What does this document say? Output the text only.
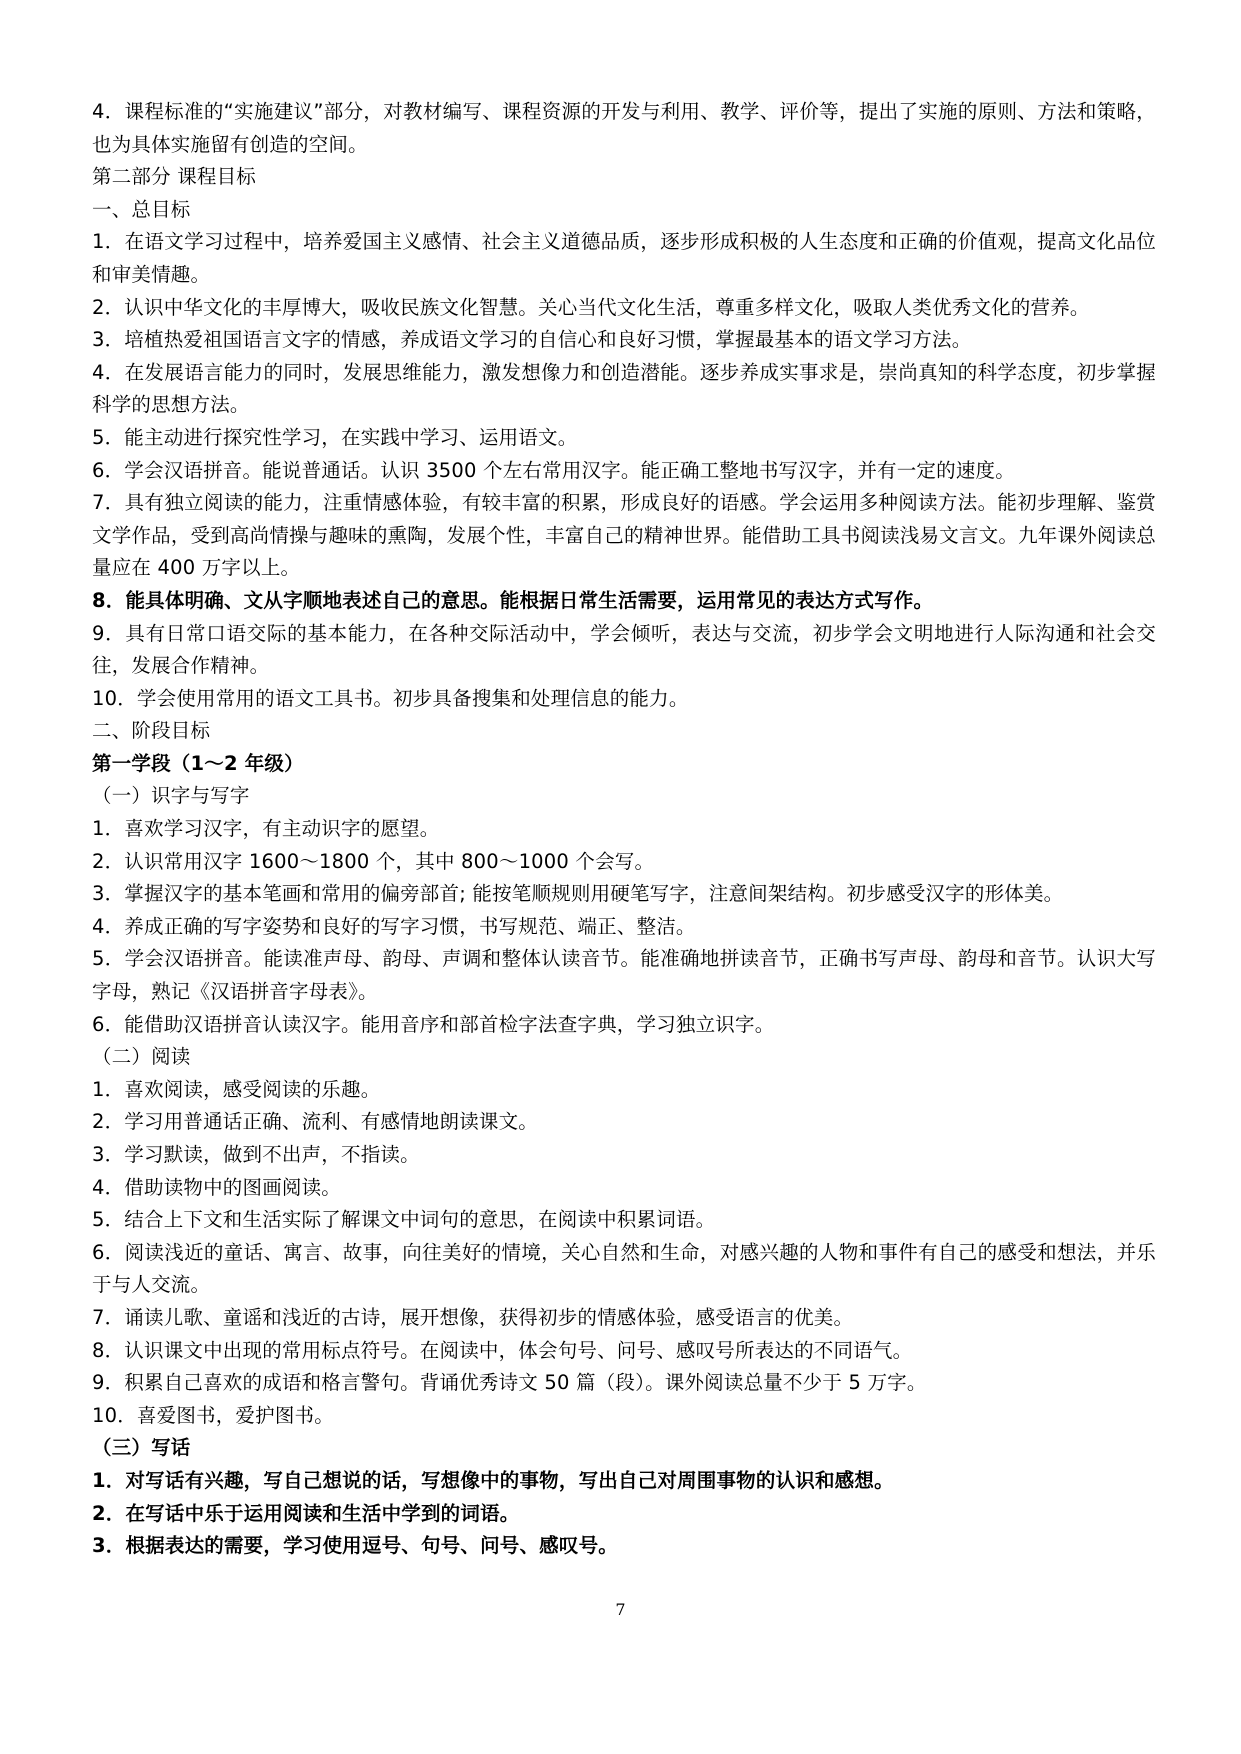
4．课程标准的“实施建议”部分，对教材编写、课程资源的开发与利用、教学、评价等，提出了实施的原则、方法和策略，也为具体实施留有创造的空间。
第二部分 课程目标
一、总目标
1．在语文学习过程中，培养爱国主义感情、社会主义道德品质，逐步形成积极的人生态度和正确的价值观，提高文化品位和审美情趣。
2．认识中华文化的丰厚博大，吸收民族文化智慧。关心当代文化生活，尊重多样文化，吸取人类优秀文化的营养。
3．培植热爱祖国语言文字的情感，养成语文学习的自信心和良好习惯，掌握最基本的语文学习方法。
4．在发展语言能力的同时，发展思维能力，激发想像力和创造潜能。逐步养成实事求是，崇尚真知的科学态度，初步掌握科学的思想方法。
5．能主动进行探究性学习，在实践中学习、运用语文。
6．学会汉语拼音。能说普通话。认识 3500 个左右常用汉字。能正确工整地书写汉字，并有一定的速度。
7．具有独立阅读的能力，注重情感体验，有较丰富的积累，形成良好的语感。学会运用多种阅读方法。能初步理解、鉴赏文学作品，受到高尚情操与趣味的熏陶，发展个性，丰富自己的精神世界。能借助工具书阅读浅易文言文。九年课外阅读总量应在 400 万字以上。
8．能具体明确、文从字顺地表述自己的意思。能根据日常生活需要，运用常见的表达方式写作。
9．具有日常口语交际的基本能力，在各种交际活动中，学会倾听，表达与交流，初步学会文明地进行人际沟通和社会交往，发展合作精神。
10．学会使用常用的语文工具书。初步具备搜集和处理信息的能力。
二、阶段目标
第一学段（1～2 年级）
（一）识字与写字
1．喜欢学习汉字，有主动识字的愿望。
2．认识常用汉字 1600～1800 个，其中 800～1000 个会写。
3．掌握汉字的基本笔画和常用的偏旁部首; 能按笔顺规则用硬笔写字，注意间架结构。初步感受汉字的形体美。
4．养成正确的写字姿势和良好的写字习惯，书写规范、端正、整洁。
5．学会汉语拼音。能读准声母、韵母、声调和整体认读音节。能准确地拼读音节，正确书写声母、韵母和音节。认识大写字母，熟记《汉语拼音字母表》。
6．能借助汉语拼音认读汉字。能用音序和部首检字法查字典，学习独立识字。
（二）阅读
1．喜欢阅读，感受阅读的乐趣。
2．学习用普通话正确、流利、有感情地朗读课文。
3．学习默读，做到不出声，不指读。
4．借助读物中的图画阅读。
5．结合上下文和生活实际了解课文中词句的意思，在阅读中积累词语。
6．阅读浅近的童话、寓言、故事，向往美好的情境，关心自然和生命，对感兴趣的人物和事件有自己的感受和想法，并乐于与人交流。
7．诵读儿歌、童谣和浅近的古诗，展开想像，获得初步的情感体验，感受语言的优美。
8．认识课文中出现的常用标点符号。在阅读中，体会句号、问号、感叹号所表达的不同语气。
9．积累自己喜欢的成语和格言警句。背诵优秀诗文 50 篇（段）。课外阅读总量不少于 5 万字。
10．喜爱图书，爱护图书。
（三）写话
1．对写话有兴趣，写自己想说的话，写想像中的事物，写出自己对周围事物的认识和感想。
2．在写话中乐于运用阅读和生活中学到的词语。
3．根据表达的需要，学习使用逗号、句号、问号、感叹号。
7
